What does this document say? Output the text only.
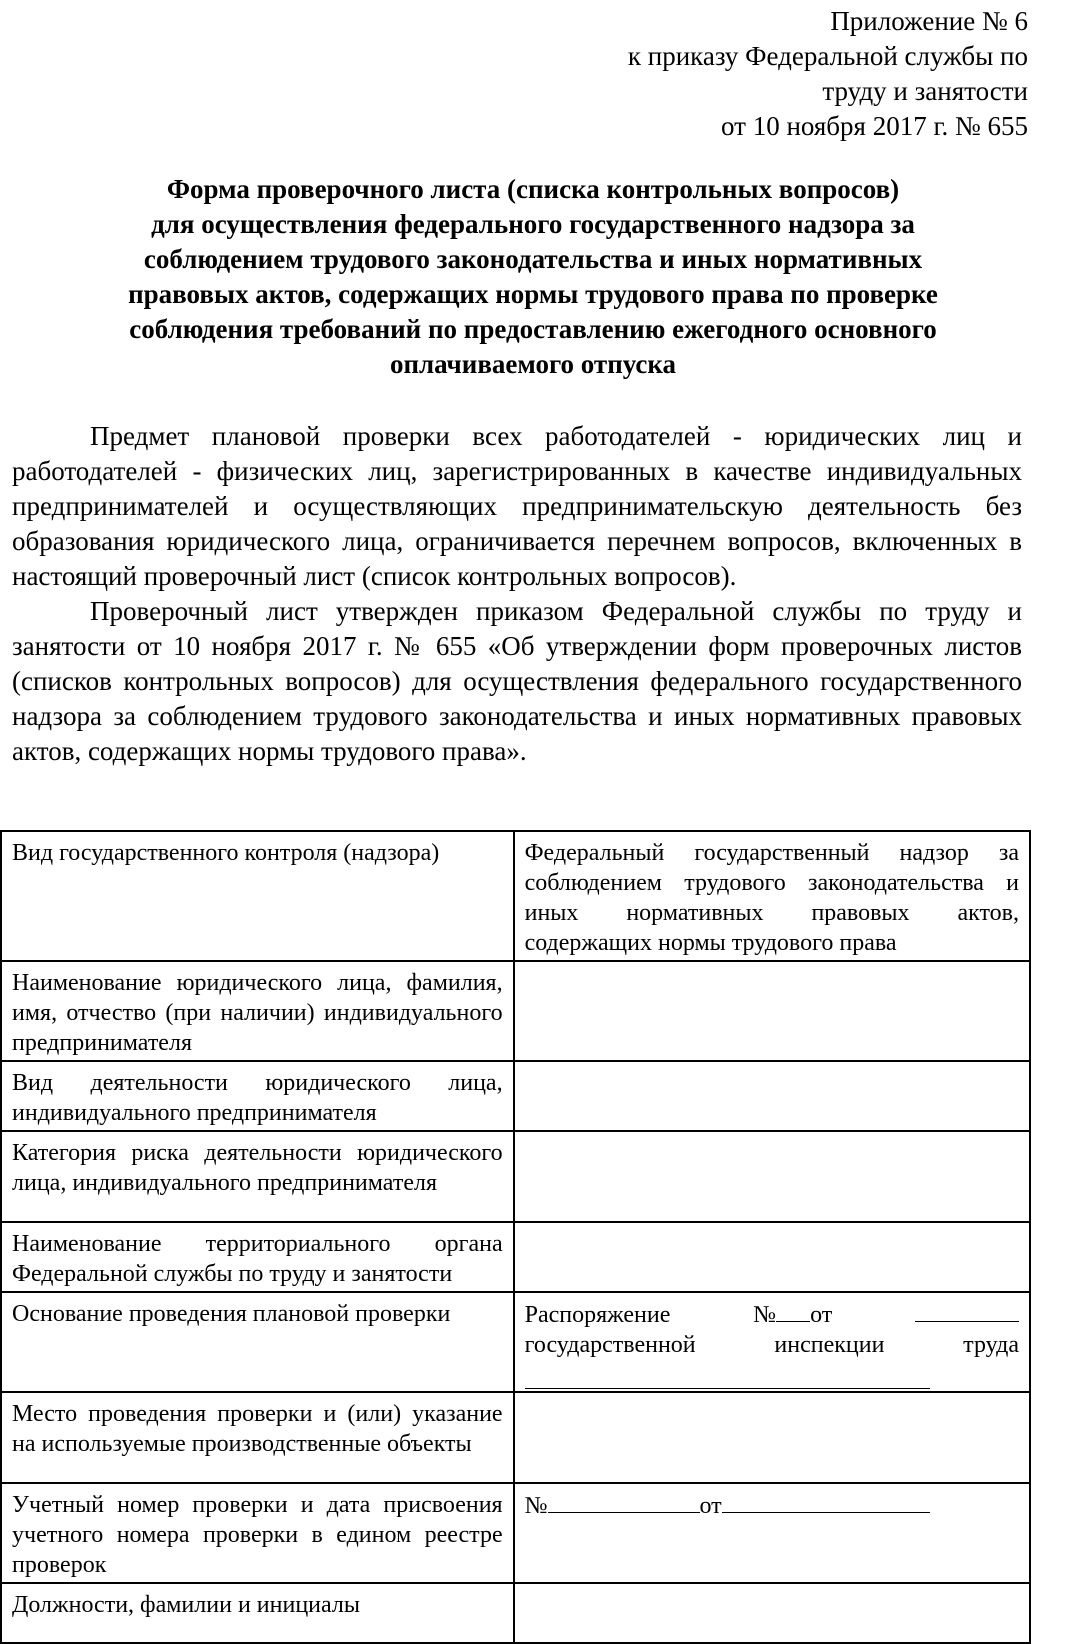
Приложение № 6
к приказу Федеральной службы по
труду и занятости
от 10 ноября 2017 г. № 655
Форма проверочного листа (списка контрольных вопросов)
для осуществления федерального государственного надзора за
соблюдением трудового законодательства и иных нормативных
правовых актов, содержащих нормы трудового права по проверке
соблюдения требований по предоставлению ежегодного основного
оплачиваемого отпуска

Предмет плановой проверки всех работодателей - юридических лиц и работодателей - физических лиц, зарегистрированных в качестве индивидуальных предпринимателей и осуществляющих предпринимательскую деятельность без образования юридического лица, ограничивается перечнем вопросов, включенных в настоящий проверочный лист (список контрольных вопросов).

Проверочный лист утвержден приказом Федеральной службы по труду и занятости от 10 ноября 2017 г. № 655 «Об утверждении форм проверочных листов (списков контрольных вопросов) для осуществления федерального государственного надзора за соблюдением трудового законодательства и иных нормативных правовых актов, содержащих нормы трудового права».

Вид государственного контроля (надзора)	Федеральный государственный надзор за соблюдением трудового законодательства и иных нормативных правовых актов, содержащих нормы трудового права
Наименование юридического лица, фамилия, имя, отчество (при наличии) индивидуального предпринимателя	
Вид деятельности юридического лица, индивидуального предпринимателя	
Категория риска деятельности юридического лица, индивидуального предпринимателя	
Наименование территориального органа Федеральной службы по труду и занятости	
Основание проведения плановой проверки	Распоряжение № от
государственной инспекции труда

Место проведения проверки и (или) указание на используемые производственные объекты	
Учетный номер проверки и дата присвоения учетного номера проверки в едином реестре проверок	№ от
Должности, фамилии и инициалы	
